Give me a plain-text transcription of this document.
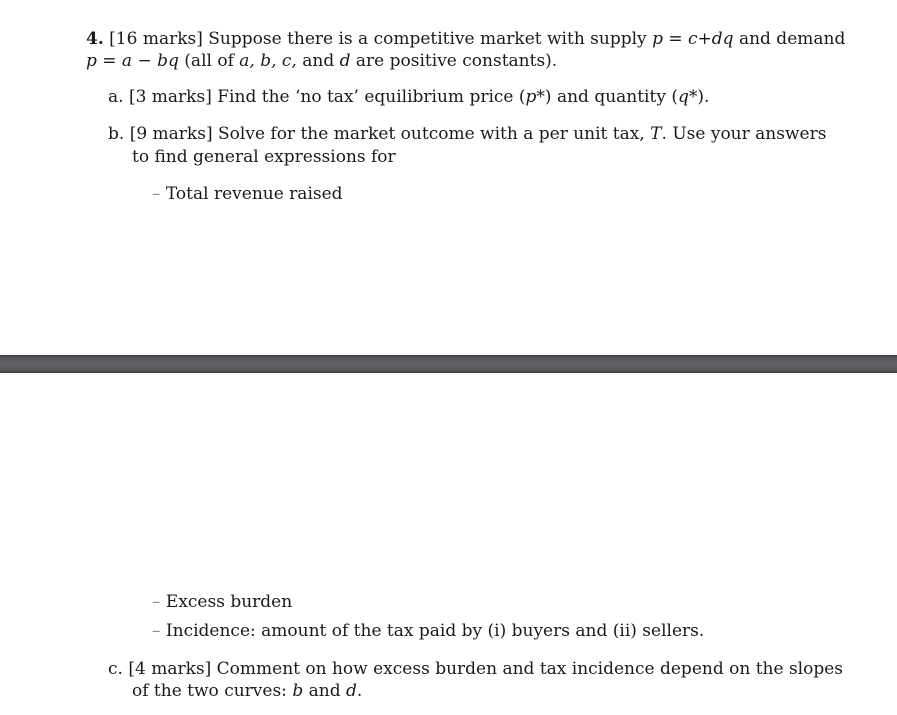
4. [16 marks] Suppose there is a competitive market with supply p = c+dq and demand
p = a − bq (all of a, b, c, and d are positive constants).
a. [3 marks] Find the ‘no tax’ equilibrium price (p*) and quantity (q*).
b. [9 marks] Solve for the market outcome with a per unit tax, T. Use your answers
to find general expressions for
– Total revenue raised
– Excess burden
– Incidence: amount of the tax paid by (i) buyers and (ii) sellers.
c. [4 marks] Comment on how excess burden and tax incidence depend on the slopes
of the two curves: b and d.
